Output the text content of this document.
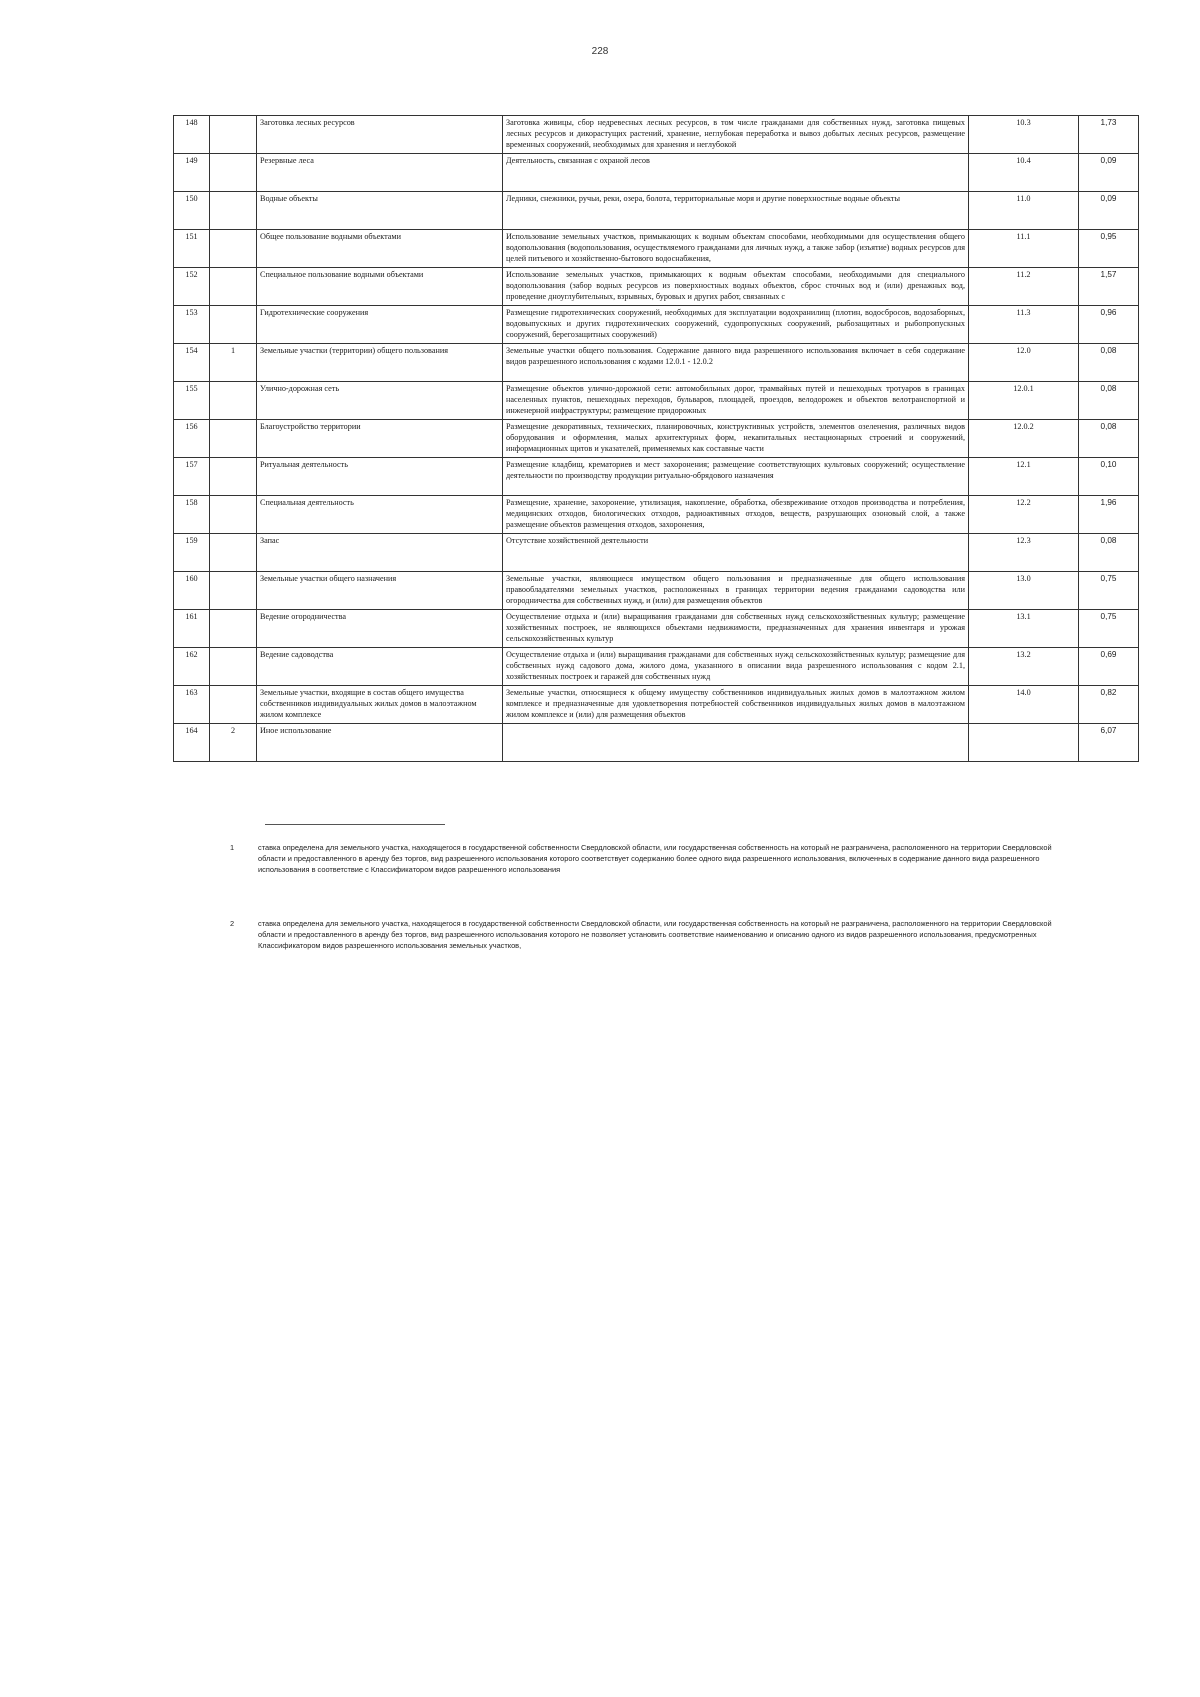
228
148		Заготовка лесных ресурсов	Заготовка живицы, сбор недревесных лесных ресурсов, в том числе гражданами для собственных нужд, заготовка пищевых лесных ресурсов и дикорастущих растений, хранение, неглубокая переработка и вывоз добытых лесных ресурсов, размещение временных сооружений, необходимых для хранения и неглубокой	10.3	1,73
149		Резервные леса	Деятельность, связанная с охраной лесов	10.4	0,09
150		Водные объекты	Ледники, снежники, ручьи, реки, озера, болота, территориальные моря и другие поверхностные водные объекты	11.0	0,09
151		Общее пользование водными объектами	Использование земельных участков, примыкающих к водным объектам способами, необходимыми для осуществления общего водопользования (водопользования, осуществляемого гражданами для личных нужд, а также забор (изъятие) водных ресурсов для целей питьевого и хозяйственно-бытового водоснабжения,	11.1	0,95
152		Специальное пользование водными объектами	Использование земельных участков, примыкающих к водным объектам способами, необходимыми для специального водопользования (забор водных ресурсов из поверхностных водных объектов, сброс сточных вод и (или) дренажных вод, проведение дноуглубительных, взрывных, буровых и других работ, связанных с	11.2	1,57
153		Гидротехнические сооружения	Размещение гидротехнических сооружений, необходимых для эксплуатации водохранилищ (плотин, водосбросов, водозаборных, водовыпускных и других гидротехнических сооружений, судопропускных сооружений, рыбозащитных и рыбопропускных сооружений, берегозащитных сооружений)	11.3	0,96
154	1	Земельные участки (территории) общего пользования	Земельные участки общего пользования. Содержание данного вида разрешенного использования включает в себя содержание видов разрешенного использования с кодами 12.0.1 - 12.0.2	12.0	0,08
155		Улично-дорожная сеть	Размещение объектов улично-дорожной сети: автомобильных дорог, трамвайных путей и пешеходных тротуаров в границах населенных пунктов, пешеходных переходов, бульваров, площадей, проездов, велодорожек и объектов велотранспортной и инженерной инфраструктуры; размещение придорожных	12.0.1	0,08
156		Благоустройство территории	Размещение декоративных, технических, планировочных, конструктивных устройств, элементов озеленения, различных видов оборудования и оформления, малых архитектурных форм, некапитальных нестационарных строений и сооружений, информационных щитов и указателей, применяемых как составные части	12.0.2	0,08
157		Ритуальная деятельность	Размещение кладбищ, крематориев и мест захоронения; размещение соответствующих культовых сооружений; осуществление деятельности по производству продукции ритуально-обрядового назначения	12.1	0,10
158		Специальная деятельность	Размещение, хранение, захоронение, утилизация, накопление, обработка, обезвреживание отходов производства и потребления, медицинских отходов, биологических отходов, радиоактивных отходов, веществ, разрушающих озоновый слой, а также размещение объектов размещения отходов, захоронения,	12.2	1,96
159		Запас	Отсутствие хозяйственной деятельности	12.3	0,08
160		Земельные участки общего назначения	Земельные участки, являющиеся имуществом общего пользования и предназначенные для общего использования правообладателями земельных участков, расположенных в границах территории ведения гражданами садоводства или огородничества для собственных нужд, и (или) для размещения объектов	13.0	0,75
161		Ведение огородничества	Осуществление отдыха и (или) выращивания гражданами для собственных нужд сельскохозяйственных культур; размещение хозяйственных построек, не являющихся объектами недвижимости, предназначенных для хранения инвентаря и урожая сельскохозяйственных культур	13.1	0,75
162		Ведение садоводства	Осуществление отдыха и (или) выращивания гражданами для собственных нужд сельскохозяйственных культур; размещение для собственных нужд садового дома, жилого дома, указанного в описании вида разрешенного использования с кодом 2.1, хозяйственных построек и гаражей для собственных нужд	13.2	0,69
163		Земельные участки, входящие в состав общего имущества собственников индивидуальных жилых домов в малоэтажном жилом комплексе	Земельные участки, относящиеся к общему имуществу собственников индивидуальных жилых домов в малоэтажном жилом комплексе и предназначенные для удовлетворения потребностей собственников индивидуальных жилых домов в малоэтажном жилом комплексе и (или) для размещения объектов	14.0	0,82
164	2	Иное использование			6,07
1	ставка определена для земельного участка, находящегося в государственной собственности Свердловской области, или государственная собственность на который не разграничена, расположенного на территории Свердловской области и предоставленного в аренду без торгов, вид разрешенного использования которого соответствует содержанию более одного вида разрешенного использования, включенных в содержание данного вида разрешенного использования в соответствие с Классификатором видов разрешенного использования
2	ставка определена для земельного участка, находящегося в государственной собственности Свердловской области, или государственная собственность на который не разграничена, расположенного на территории Свердловской области и предоставленного в аренду без торгов, вид разрешенного использования которого не позволяет установить соответствие наименованию и описанию одного из видов разрешенного использования, предусмотренных Классификатором видов разрешенного использования земельных участков,
